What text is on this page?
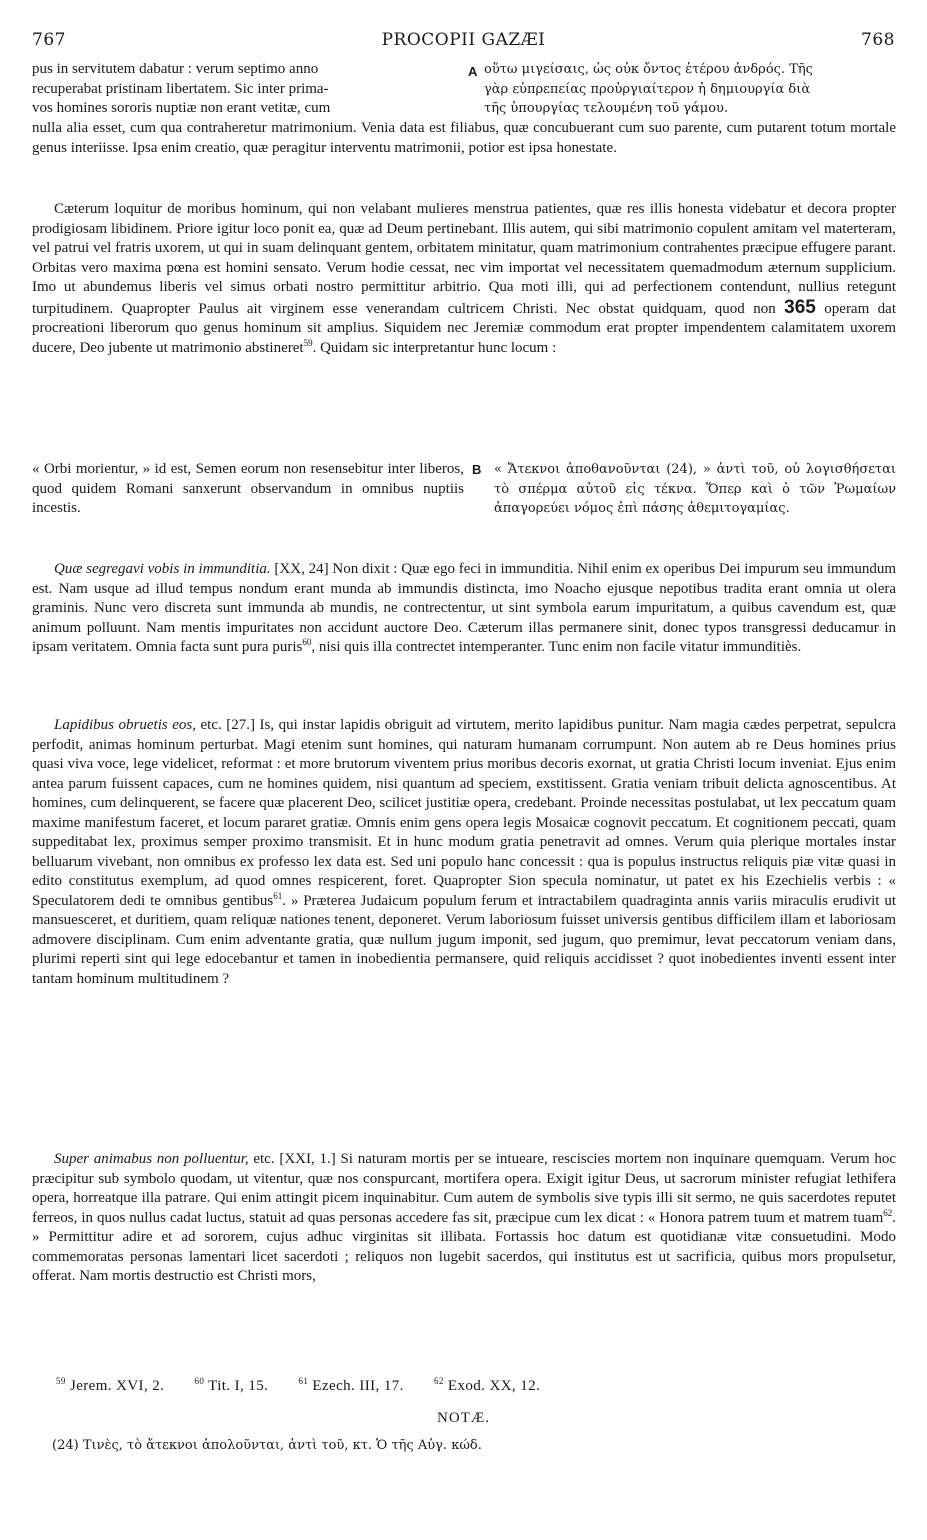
767	PROCOPII GAZÆI	768
pus in servitutem dabatur : verum septimo anno
recuperabat pristinam libertatem. Sic inter prima-
vos homines sororis nuptiæ non erant vetitæ, cum
A οὕτω μιγείσαις, ὡς οὐκ ὄντος ἑτέρου ἀνδρός. Τῆς
γὰρ εὐπρεπείας προὐργιαίτερον ἡ δημιουργία διὰ
τῆς ὑπουργίας τελουμένη τοῦ γάμου.

nulla alia esset, cum qua contraheretur matrimonium. Venia data est filiabus, quæ concubuerant cum suo parente, cum putarent totum mortale genus interiisse. Ipsa enim creatio, quæ peragitur interventu matrimonii, potior est ipsa honestate.

Cæterum loquitur de moribus hominum, qui non velabant mulieres menstrua patientes, quæ res illis honesta videbatur et decora propter prodigiosam libidinem. Priore igitur loco ponit ea, quæ ad Deum pertinebant. Illis autem, qui sibi matrimonio copulent amitam vel materteram, vel patrui vel fratris uxorem, ut qui in suam delinquant gentem, orbitatem minitatur, quam matrimonium contrahentes præcipue effugere parant. Orbitas vero maxima pœna est homini sensato. Verum hodie cessat, nec vim importat vel necessitatem quemadmodum æternum supplicium. Imo ut abundemus liberis vel simus orbati nostro permittitur arbitrio. Qua moti illi, qui ad perfectionem contendunt, nullius retegunt turpitudinem. Quapropter Paulus ait virginem esse venerandam cultricem Christi. Nec obstat quidquam, quod non 365 operam dat procreationi liberorum quo genus hominum sit amplius. Siquidem nec Jeremiæ commodum erat propter impendentem calamitatem uxorem ducere, Deo jubente ut matrimonio abstineret$^{59}$. Quidam sic interpretantur hunc locum :

« Orbi morientur, » id est, Semen eorum non resensebitur inter liberos, quod quidem Romani sanxerunt observandum in omnibus nuptiis incestis.
B « Ἄτεκνοι ἀποθανοῦνται (24), » ἀντὶ τοῦ, οὐ λογισθήσεται τὸ σπέρμα αὐτοῦ εἰς τέκνα. Ὅπερ καὶ ὁ τῶν Ῥωμαίων ἀπαγορεύει νόμος ἐπὶ πάσης ἀθεμιτογαμίας.

Quæ segregavi vobis in immunditia. [XX, 24] Non dixit : Quæ ego feci in immunditia. Nihil enim ex operibus Dei impurum seu immundum est. Nam usque ad illud tempus nondum erant munda ab immundis distincta, imo Noacho ejusque nepotibus tradita erant omnia ut olera graminis. Nunc vero discreta sunt immunda ab mundis, ne contrectentur, ut sint symbola earum impuritatum, a quibus cavendum est, quæ animum polluunt. Nam mentis impuritates non accidunt auctore Deo. Cæterum illas permanere sinit, donec typos transgressi deducamur in ipsam veritatem. Omnia facta sunt pura puris$^{60}$, nisi quis illa contrectet intemperanter. Tunc enim non facile vitatur immunditiès.

Lapidibus obruetis eos, etc. [27.] Is, qui instar lapidis obriguit ad virtutem, merito lapidibus punitur. Nam magia cædes perpetrat, sepulcra perfodit, animas hominum perturbat. Magi etenim sunt homines, qui naturam humanam corrumpunt. Non autem ab re Deus homines prius quasi viva voce, lege videlicet, reformat : et more brutorum viventem prius moribus decoris exornat, ut gratia Christi locum inveniat. Ejus enim antea parum fuissent capaces, cum ne homines quidem, nisi quantum ad speciem, exstitissent. Gratia veniam tribuit delicta agnoscentibus. At homines, cum delinquerent, se facere quæ placerent Deo, scilicet justitiæ opera, credebant. Proinde necessitas postulabat, ut lex peccatum quam maxime manifestum faceret, et locum pararet gratiæ. Omnis enim gens opera legis Mosaicæ cognovit peccatum. Et cognitionem peccati, quam suppeditabat lex, proximus semper proximo transmisit. Et in hunc modum gratia penetravit ad omnes. Verum quia plerique mortales instar belluarum vivebant, non omnibus ex professo lex data est. Sed uni populo hanc concessit : qua is populus instructus reliquis piæ vitæ quasi in edito constitutus exemplum, ad quod omnes respicerent, foret. Quapropter Sion specula nominatur, ut patet ex his Ezechielis verbis : « Speculatorem dedi te omnibus gentibus$^{61}$. » Præterea Judaicum populum ferum et intractabilem quadraginta annis variis miraculis erudivit ut mansuesceret, et duritiem, quam reliquæ nationes tenent, deponeret. Verum laboriosum fuisset universis gentibus difficilem illam et laboriosam admovere disciplinam. Cum enim adventante gratia, quæ nullum jugum imponit, sed jugum, quo premimur, levat peccatorum veniam dans, plurimi reperti sint qui lege edocebantur et tamen in inobedientia permansere, quid reliquis accidisset ? quot inobedientes inventi essent inter tantam hominum multitudinem ?

Super animabus non polluentur, etc. [XXI, 1.] Si naturam mortis per se intueare, resciscies mortem non inquinare quemquam. Verum hoc præcipitur sub symbolo quodam, ut vitentur, quæ nos conspurcant, mortifera opera. Exigit igitur Deus, ut sacrorum minister refugiat lethifera opera, horreatque illa patrare. Qui enim attingit picem inquinabitur. Cum autem de symbolis sive typis illi sit sermo, ne quis sacerdotes reputet ferreos, in quos nullus cadat luctus, statuit ad quas personas accedere fas sit, præcipue cum lex dicat : « Honora patrem tuum et matrem tuam$^{62}$. » Permittitur adire et ad sororem, cujus adhuc virginitas sit illibata. Fortassis hoc datum est quotidianæ vitæ consuetudini. Modo commemoratas personas lamentari licet sacerdoti ; reliquos non lugebit sacerdos, qui institutus est ut sacrificia, quibus mors propulsetur, offerat. Nam mortis destructio est Christi mors,

$^{59}$ Jerem. XVI, 2.	$^{60}$ Tit. I, 15.	$^{61}$ Ezech. III, 17.	$^{62}$ Exod. XX, 12.
NOTÆ.
(24) Τινὲς, τὸ ἄτεκνοι ἀπολοῦνται, ἀντὶ τοῦ, κτ. Ὁ τῆς Αὐγ. κώδ.
